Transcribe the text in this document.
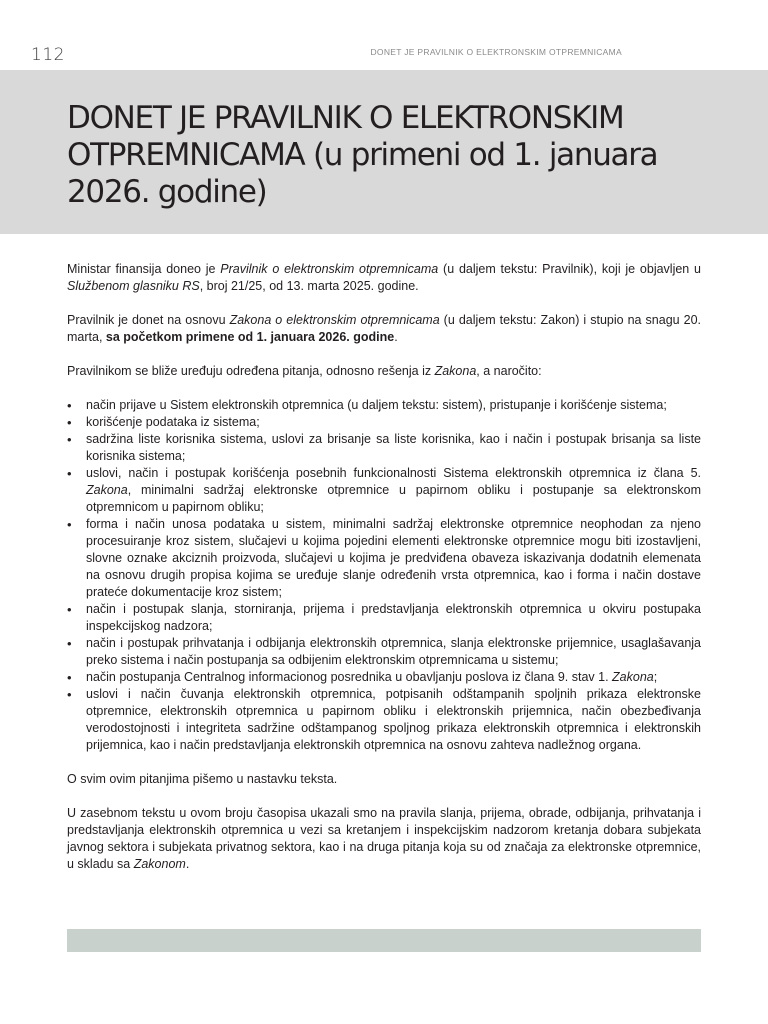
112	DONET JE PRAVILNIK O ELEKTRONSKIM OTPREMNICAMA
DONET JE PRAVILNIK O ELEKTRONSKIM OTPREMNICAMA (u primeni od 1. januara 2026. godine)

Ministar finansija doneo je Pravilnik o elektronskim otpremnicama (u daljem tekstu: Pravilnik), koji je objavljen u Službenom glasniku RS, broj 21/25, od 13. marta 2025. godine.

Pravilnik je donet na osnovu Zakona o elektronskim otpremnicama (u daljem tekstu: Zakon) i stupio na snagu 20. marta, sa početkom primene od 1. januara 2026. godine.

Pravilnikom se bliže uređuju određena pitanja, odnosno rešenja iz Zakona, a naročito:

• način prijave u Sistem elektronskih otpremnica (u daljem tekstu: sistem), pristupanje i korišćenje sistema;
• korišćenje podataka iz sistema;
• sadržina liste korisnika sistema, uslovi za brisanje sa liste korisnika, kao i način i postupak brisanja sa liste korisnika sistema;
• uslovi, način i postupak korišćenja posebnih funkcionalnosti Sistema elektronskih otpremnica iz člana 5. Zakona, minimalni sadržaj elektronske otpremnice u papirnom obliku i postupanje sa elektronskom otpremnicom u papirnom obliku;
• forma i način unosa podataka u sistem, minimalni sadržaj elektronske otpremnice neophodan za njeno procesuiranje kroz sistem, slučajevi u kojima pojedini elementi elektronske otpremnice mogu biti izostavljeni, slovne oznake akciznih proizvoda, slučajevi u kojima je predviđena obaveza iskazivanja dodatnih elemenata na osnovu drugih propisa kojima se uređuje slanje određenih vrsta otpremnica, kao i forma i način dostave prateće dokumentacije kroz sistem;
• način i postupak slanja, storniranja, prijema i predstavljanja elektronskih otpremnica u okviru postupaka inspekcijskog nadzora;
• način i postupak prihvatanja i odbijanja elektronskih otpremnica, slanja elektronske prijemnice, usaglašavanja preko sistema i način postupanja sa odbijenim elektronskim otpremnicama u sistemu;
• način postupanja Centralnog informacionog posrednika u obavljanju poslova iz člana 9. stav 1. Zakona;
• uslovi i način čuvanja elektronskih otpremnica, potpisanih odštampanih spoljnih prikaza elektronske otpremnice, elektronskih otpremnica u papirnom obliku i elektronskih prijemnica, način obezbeđivanja verodostojnosti i integriteta sadržine odštampanog spoljnog prikaza elektronskih otpremnica i elektronskih prijemnica, kao i način predstavljanja elektronskih otpremnica na osnovu zahteva nadležnog organa.

O svim ovim pitanjima pišemo u nastavku teksta.

U zasebnom tekstu u ovom broju časopisa ukazali smo na pravila slanja, prijema, obrade, odbijanja, prihvatanja i predstavljanja elektronskih otpremnica u vezi sa kretanjem i inspekcijskim nadzorom kretanja dobara subjekata javnog sektora i subjekata privatnog sektora, kao i na druga pitanja koja su od značaja za elektronske otpremnice, u skladu sa Zakonom.
